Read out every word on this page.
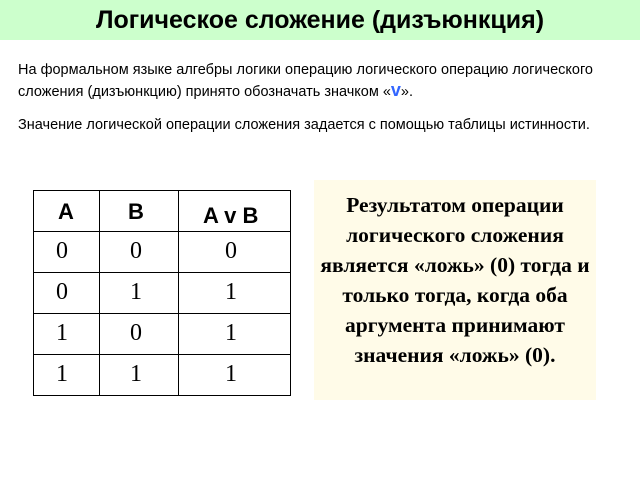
Логическое сложение (дизъюнкция)
На формальном языке алгебры логики операцию логического операцию логического сложения (дизъюнкцию) принято обозначать значком «v».
Значение логической операции сложения задается с помощью таблицы истинности.
A	B	A v B

0	0	0

0	1	1

1	0	1

1	1	1
Результатом операции логического сложения является «ложь» (0) тогда и только тогда, когда оба аргумента принимают значения «ложь» (0).
